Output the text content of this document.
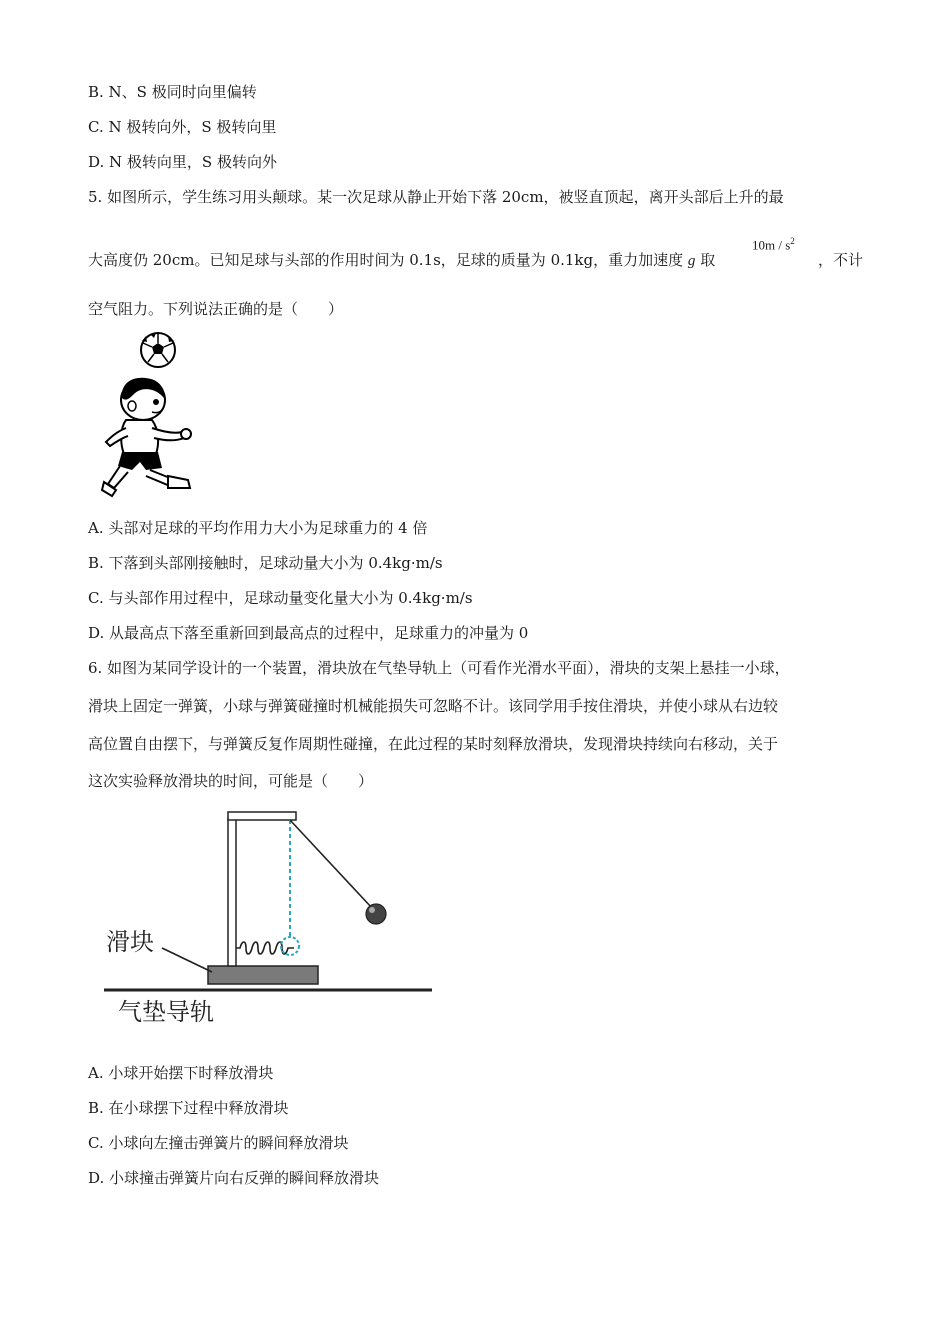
B. N、S 极同时向里偏转
C. N 极转向外，S 极转向里
D. N 极转向里，S 极转向外
5. 如图所示，学生练习用头颠球。某一次足球从静止开始下落 20cm，被竖直顶起，离开头部后上升的最
大高度仍 20cm。已知足球与头部的作用时间为 0.1s，足球的质量为 0.1kg，重力加速度 g 取
$10m / s^2$
，不计
空气阻力。下列说法正确的是（　　）
A. 头部对足球的平均作用力大小为足球重力的 4 倍
B. 下落到头部刚接触时，足球动量大小为 0.4kg·m/s
C. 与头部作用过程中，足球动量变化量大小为 0.4kg·m/s
D. 从最高点下落至重新回到最高点的过程中，足球重力的冲量为 0
6. 如图为某同学设计的一个装置，滑块放在气垫导轨上（可看作光滑水平面），滑块的支架上悬挂一小球，
滑块上固定一弹簧，小球与弹簧碰撞时机械能损失可忽略不计。该同学用手按住滑块，并使小球从右边较
高位置自由摆下，与弹簧反复作周期性碰撞，在此过程的某时刻释放滑块，发现滑块持续向右移动，关于
这次实验释放滑块的时间，可能是（　　）
滑块
气垫导轨
A. 小球开始摆下时释放滑块
B. 在小球摆下过程中释放滑块
C. 小球向左撞击弹簧片的瞬间释放滑块
D. 小球撞击弹簧片向右反弹的瞬间释放滑块
